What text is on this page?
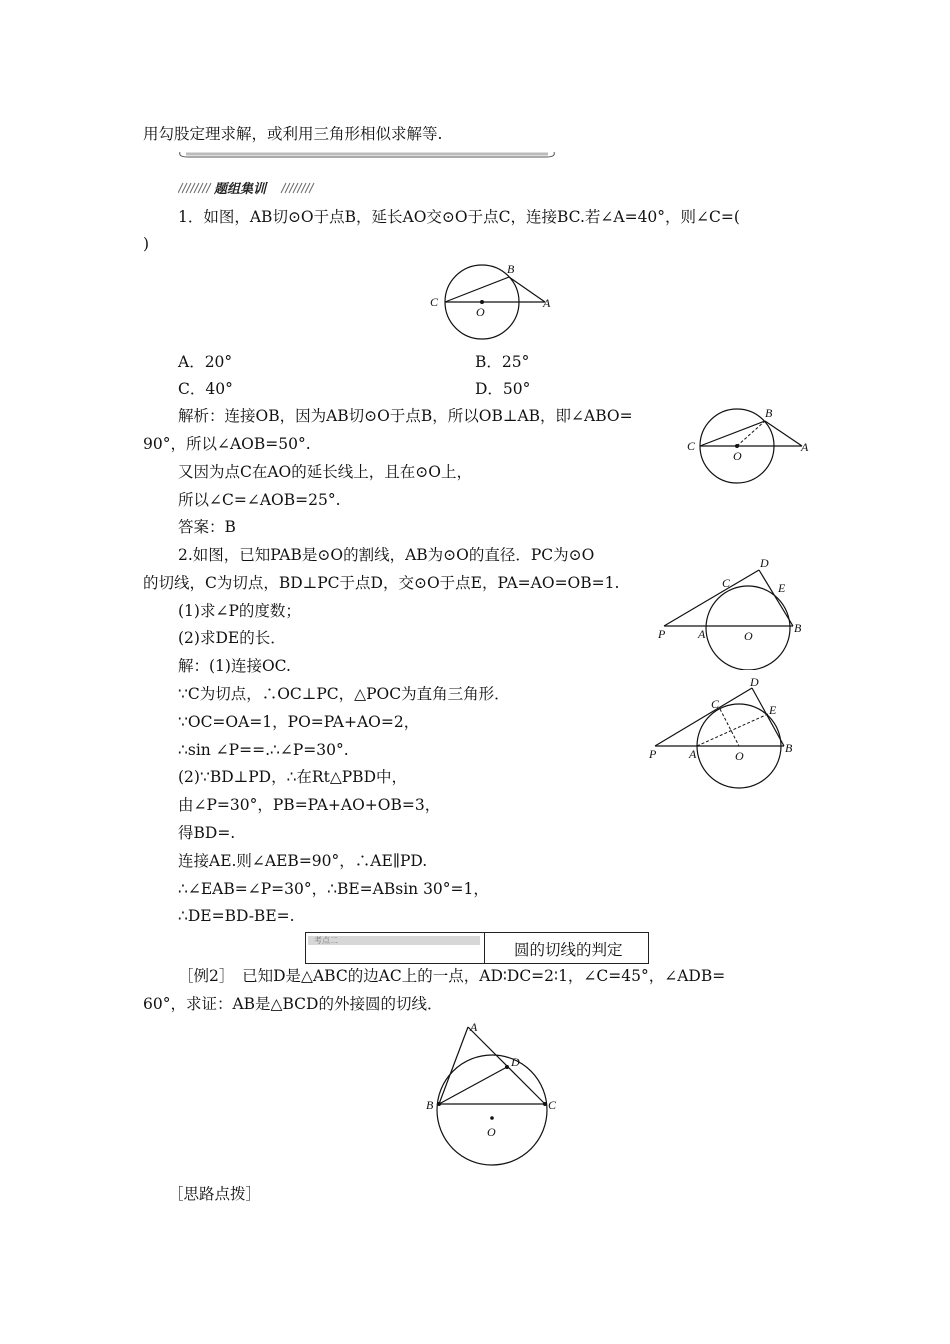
用勾股定理求解，或利用三角形相似求解等.
题组集训
1．如图，AB切⊙O于点B，延长AO交⊙O于点C，连接BC.若∠A=40°，则∠C=(
)
C
B
A
O
A．20°	B．25°
C．40°	D．50°
解析：连接OB，因为AB切⊙O于点B，所以OB⊥AB，即∠ABO=
90°，所以∠AOB=50°.
又因为点C在AO的延长线上，且在⊙O上，
所以∠C=∠AOB=25°.
答案：B
C
B
A
O
2.如图，已知PAB是⊙O的割线，AB为⊙O的直径．PC为⊙O
的切线，C为切点，BD⊥PC于点D，交⊙O于点E，PA=AO=OB=1.
(1)求∠P的度数；
(2)求DE的长．	P	A	O
B
C
D
E
P	A	O
B
C
D
E
解：(1)连接OC.
∵C为切点，∴OC⊥PC，△POC为直角三角形．
∵OC=OA=1，PO=PA+AO=2，
∴sin ∠P==.∴∠P=30°.
(2)∵BD⊥PD，∴在Rt△PBD中，
由∠P=30°，PB=PA+AO+OB=3，
得BD=.
连接AE.则∠AEB=90°，∴AE∥PD.
∴∠EAB=∠P=30°，∴BE=ABsin 30°=1，
∴DE=BD-BE=.
考点二
圆的切线的判定
［例2］　已知D是△ABC的边AC上的一点，AD∶DC=2∶1，∠C=45°，∠ADB=
60°，求证：AB是△BCD的外接圆的切线．
A
D
B	C
O
［思路点拨］
